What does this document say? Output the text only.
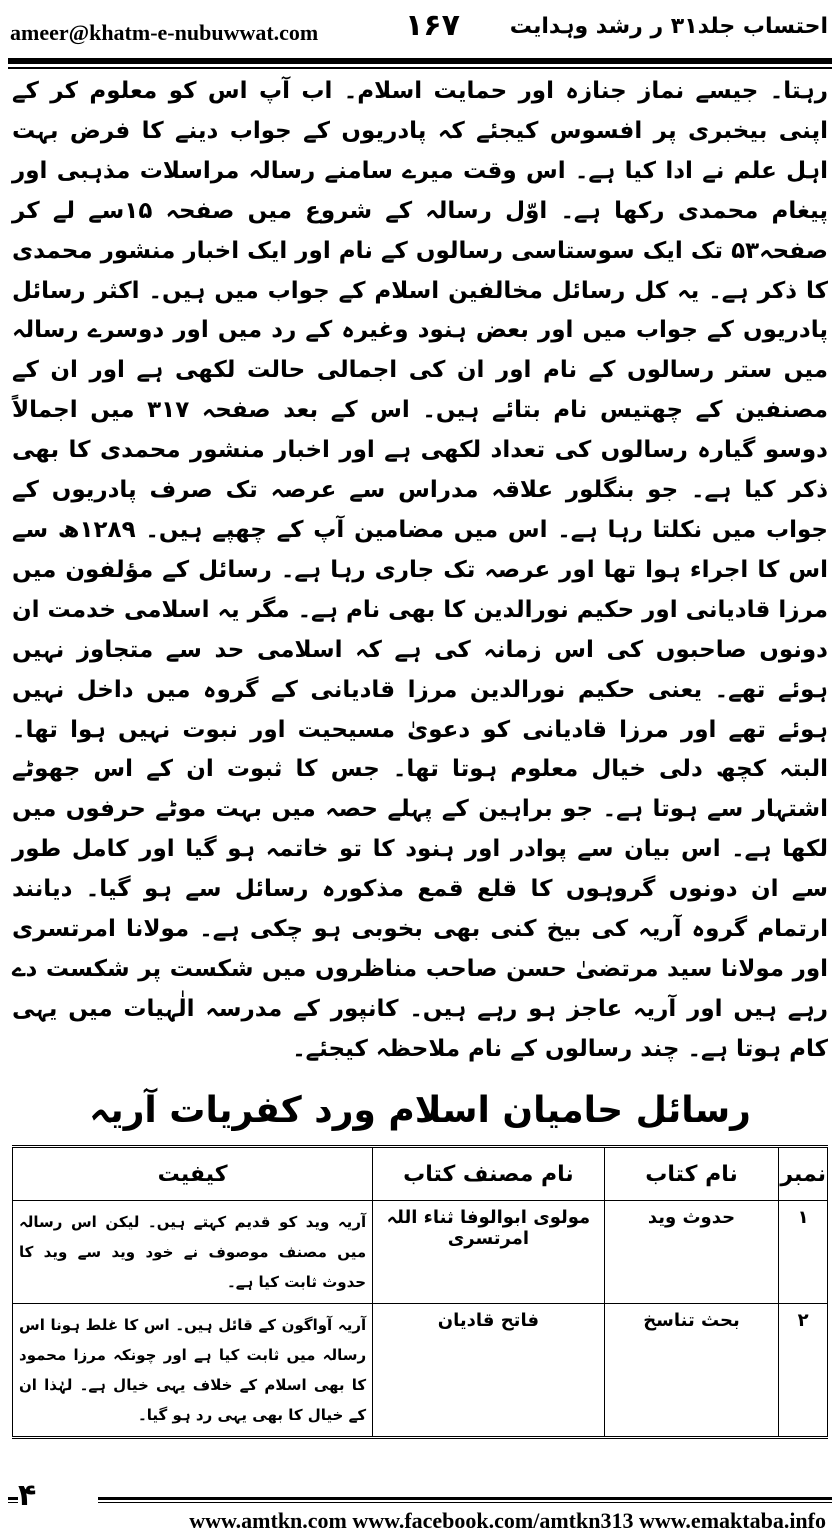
ameer@khatm-e-nubuwwat.com	۱۶۷ احتساب جلد۳۱ ر رشد وہدایت

رہتا۔ جیسے نماز جنازہ اور حمایت اسلام۔ اب آپ اس کو معلوم کر کے اپنی بیخبری پر افسوس کیجئے کہ پادریوں کے جواب دینے کا فرض بہت اہل علم نے ادا کیا ہے۔ اس وقت میرے سامنے رسالہ مراسلات مذہبی اور پیغام محمدی رکھا ہے۔ اوّل رسالہ کے شروع میں صفحہ ۱۵سے لے کر صفحہ۵۳ تک ایک سوستاسی رسالوں کے نام اور ایک اخبار منشور محمدی کا ذکر ہے۔ یہ کل رسائل مخالفین اسلام کے جواب میں ہیں۔ اکثر رسائل پادریوں کے جواب میں اور بعض ہنود وغیرہ کے رد میں اور دوسرے رسالہ میں ستر رسالوں کے نام اور ان کی اجمالی حالت لکھی ہے اور ان کے مصنفین کے چھتیس نام بتائے ہیں۔ اس کے بعد صفحہ ۳۱۷ میں اجمالاً دوسو گیارہ رسالوں کی تعداد لکھی ہے اور اخبار منشور محمدی کا بھی ذکر کیا ہے۔ جو بنگلور علاقہ مدراس سے عرصہ تک صرف پادریوں کے جواب میں نکلتا رہا ہے۔ اس میں مضامین آپ کے چھپے ہیں۔ ۱۲۸۹ھ سے اس کا اجراء ہوا تھا اور عرصہ تک جاری رہا ہے۔ رسائل کے مؤلفون میں مرزا قادیانی اور حکیم نورالدین کا بھی نام ہے۔ مگر یہ اسلامی خدمت ان دونوں صاحبوں کی اس زمانہ کی ہے کہ اسلامی حد سے متجاوز نہیں ہوئے تھے۔ یعنی حکیم نورالدین مرزا قادیانی کے گروہ میں داخل نہیں ہوئے تھے اور مرزا قادیانی کو دعویٰ مسیحیت اور نبوت نہیں ہوا تھا۔ البتہ کچھ دلی خیال معلوم ہوتا تھا۔ جس کا ثبوت ان کے اس جھوٹے اشتہار سے ہوتا ہے۔ جو براہین کے پہلے حصہ میں بہت موٹے حرفوں میں لکھا ہے۔ اس بیان سے پوادر اور ہنود کا تو خاتمہ ہو گیا اور کامل طور سے ان دونوں گروہوں کا قلع قمع مذکورہ رسائل سے ہو گیا۔ دیانند ارتمام گروہ آریہ کی بیخ کنی بھی بخوبی ہو چکی ہے۔ مولانا امرتسری اور مولانا سید مرتضیٰ حسن صاحب مناظروں میں شکست پر شکست دے رہے ہیں اور آریہ عاجز ہو رہے ہیں۔ کانپور کے مدرسہ الٰہیات میں یہی کام ہوتا ہے۔ چند رسالوں کے نام ملاحظہ کیجئے۔

رسائل حامیان اسلام ورد کفریات آریہ
نمبر	نام کتاب	نام مصنف کتاب	کیفیت
۱	حدوث وید	مولوی ابوالوفا ثناء اللہ امرتسری	آریہ وید کو قدیم کہتے ہیں۔ لیکن اس رسالہ میں مصنف موصوف نے خود وید سے وید کا حدوث ثابت کیا ہے۔
۲	بحث تناسخ	فاتح قادیان	آریہ آواگون کے قائل ہیں۔ اس کا غلط ہونا اس رسالہ میں ثابت کیا ہے اور چونکہ مرزا محمود کا بھی اسلام کے خلاف یہی خیال ہے۔ لہٰذا ان کے خیال کا بھی یہی رد ہو گیا۔
۴
www.amtkn.com www.facebook.com/amtkn313 www.emaktaba.info
